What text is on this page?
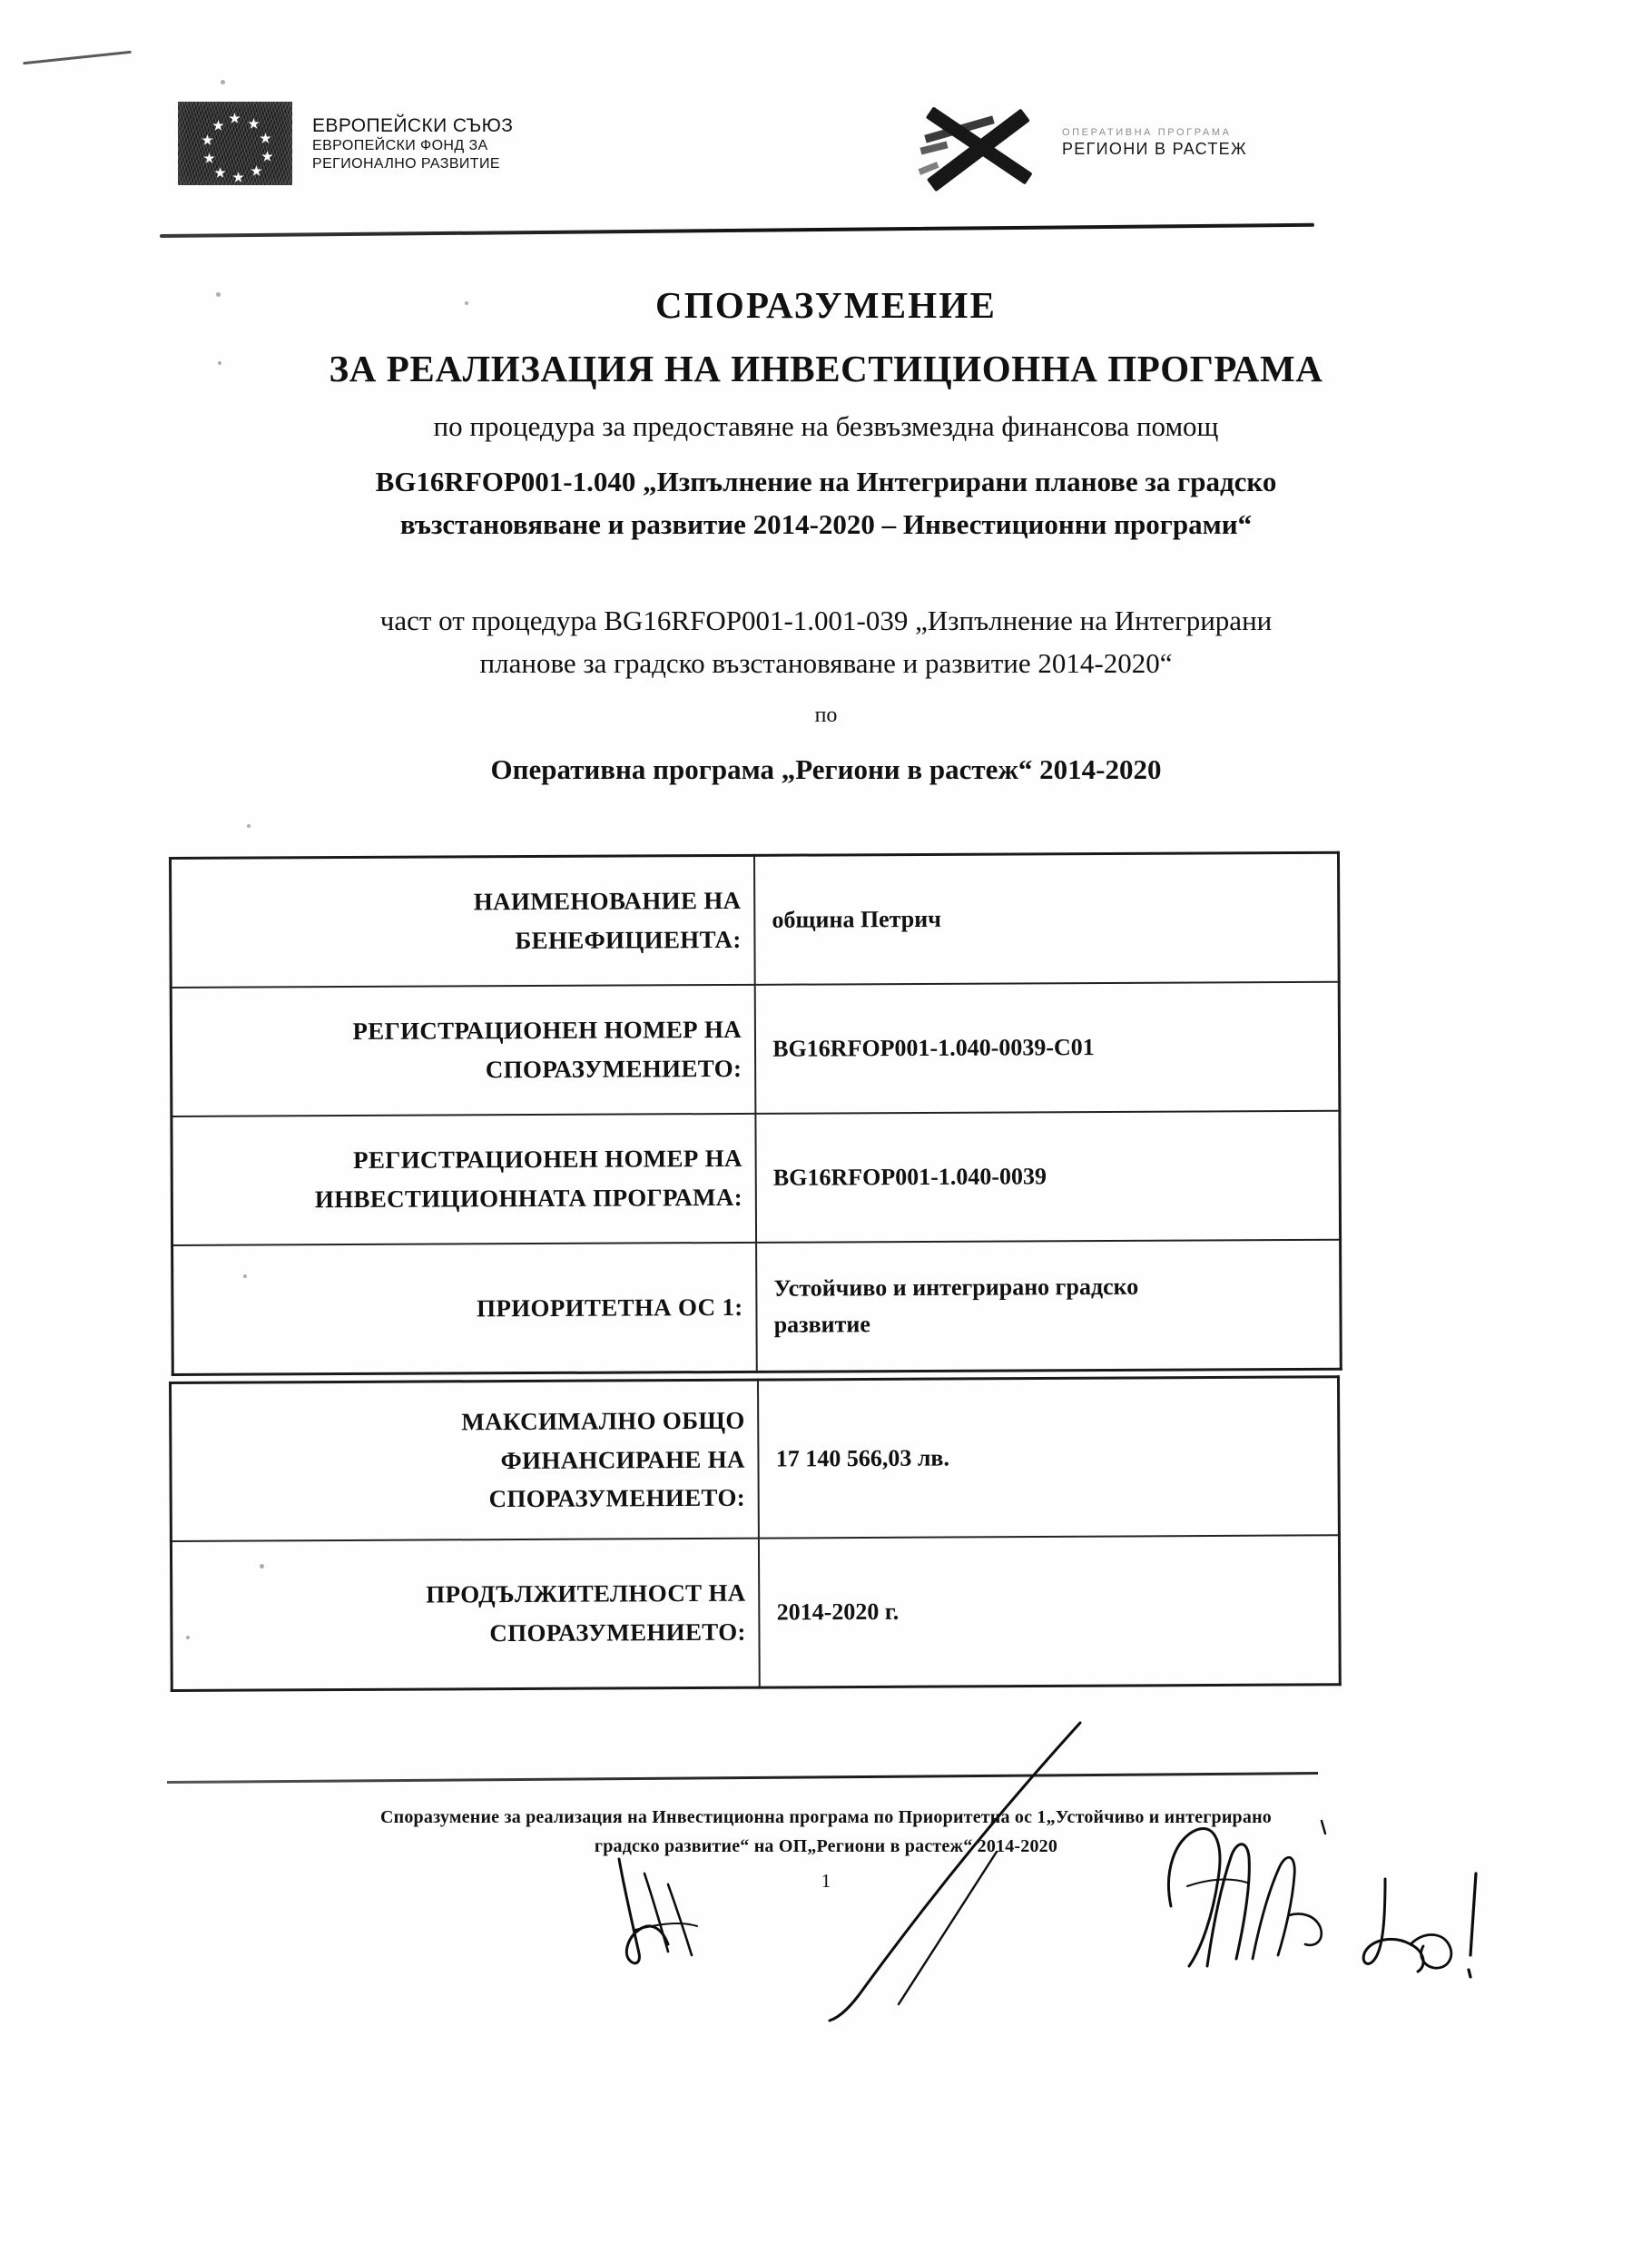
ЕВРОПЕЙСКИ СЪЮЗ
ЕВРОПЕЙСКИ ФОНД ЗА
РЕГИОНАЛНО РАЗВИТИЕ
ОПЕРАТИВНА ПРОГРАМА
РЕГИОНИ В РАСТЕЖ
СПОРАЗУМЕНИЕ
ЗА РЕАЛИЗАЦИЯ НА ИНВЕСТИЦИОННА ПРОГРАМА
по процедура за предоставяне на безвъзмездна финансова помощ
BG16RFOP001-1.040 „Изпълнение на Интегрирани планове за градско
възстановяване и развитие 2014-2020 – Инвестиционни програми“
част от процедура BG16RFOP001-1.001-039 „Изпълнение на Интегрирани
планове за градско възстановяване и развитие 2014-2020“
по
Оперативна програма „Региони в растеж“ 2014-2020
НАИМЕНОВАНИЕ НА
БЕНЕФИЦИЕНТА:	община Петрич
РЕГИСТРАЦИОНЕН НОМЕР НА
СПОРАЗУМЕНИЕТО:	BG16RFOP001-1.040-0039-C01
РЕГИСТРАЦИОНЕН НОМЕР НА
ИНВЕСТИЦИОННАТА ПРОГРАМА:	BG16RFOP001-1.040-0039
ПРИОРИТЕТНА ОС 1:	Устойчиво и интегрирано градско
развитие
МАКСИМАЛНО ОБЩО
ФИНАНСИРАНЕ НА
СПОРАЗУМЕНИЕТО:	17 140 566,03 лв.
ПРОДЪЛЖИТЕЛНОСТ НА
СПОРАЗУМЕНИЕТО:	2014-2020 г.
Споразумение за реализация на Инвестиционна програма по Приоритетна ос 1„Устойчиво и интегрирано
градско развитие“ на ОП„Региони в растеж“ 2014-2020
1
